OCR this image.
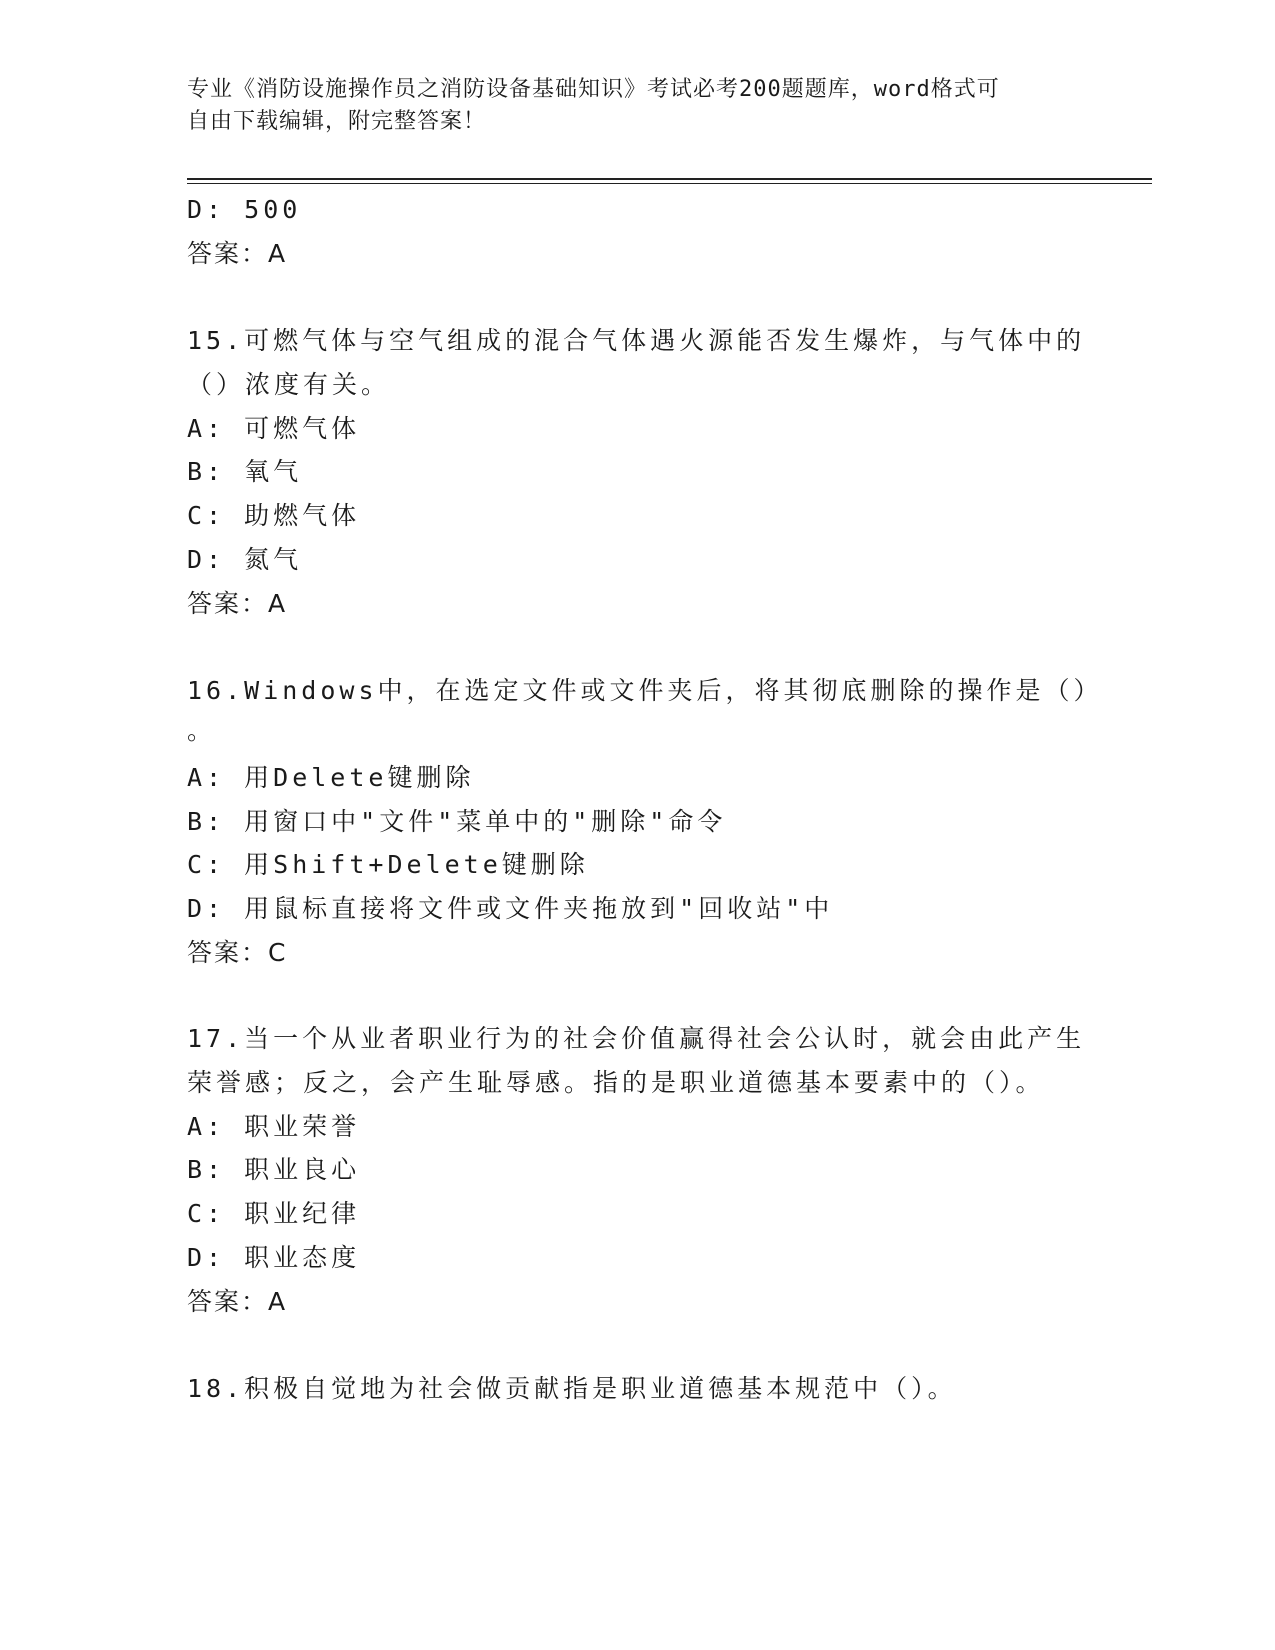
专业《消防设施操作员之消防设备基础知识》考试必考200题题库，word格式可
自由下载编辑，附完整答案！
D: 500
答案：A
15.可燃气体与空气组成的混合气体遇火源能否发生爆炸，与气体中的
（）浓度有关。
A: 可燃气体
B: 氧气
C: 助燃气体
D: 氮气
答案：A
16.Windows中，在选定文件或文件夹后，将其彻底删除的操作是（）
。
A: 用Delete键删除
B: 用窗口中"文件"菜单中的"删除"命令
C: 用Shift+Delete键删除
D: 用鼠标直接将文件或文件夹拖放到"回收站"中
答案：C
17.当一个从业者职业行为的社会价值赢得社会公认时，就会由此产生
荣誉感；反之，会产生耻辱感。指的是职业道德基本要素中的（）。
A: 职业荣誉
B: 职业良心
C: 职业纪律
D: 职业态度
答案：A
18.积极自觉地为社会做贡献指是职业道德基本规范中（）。
